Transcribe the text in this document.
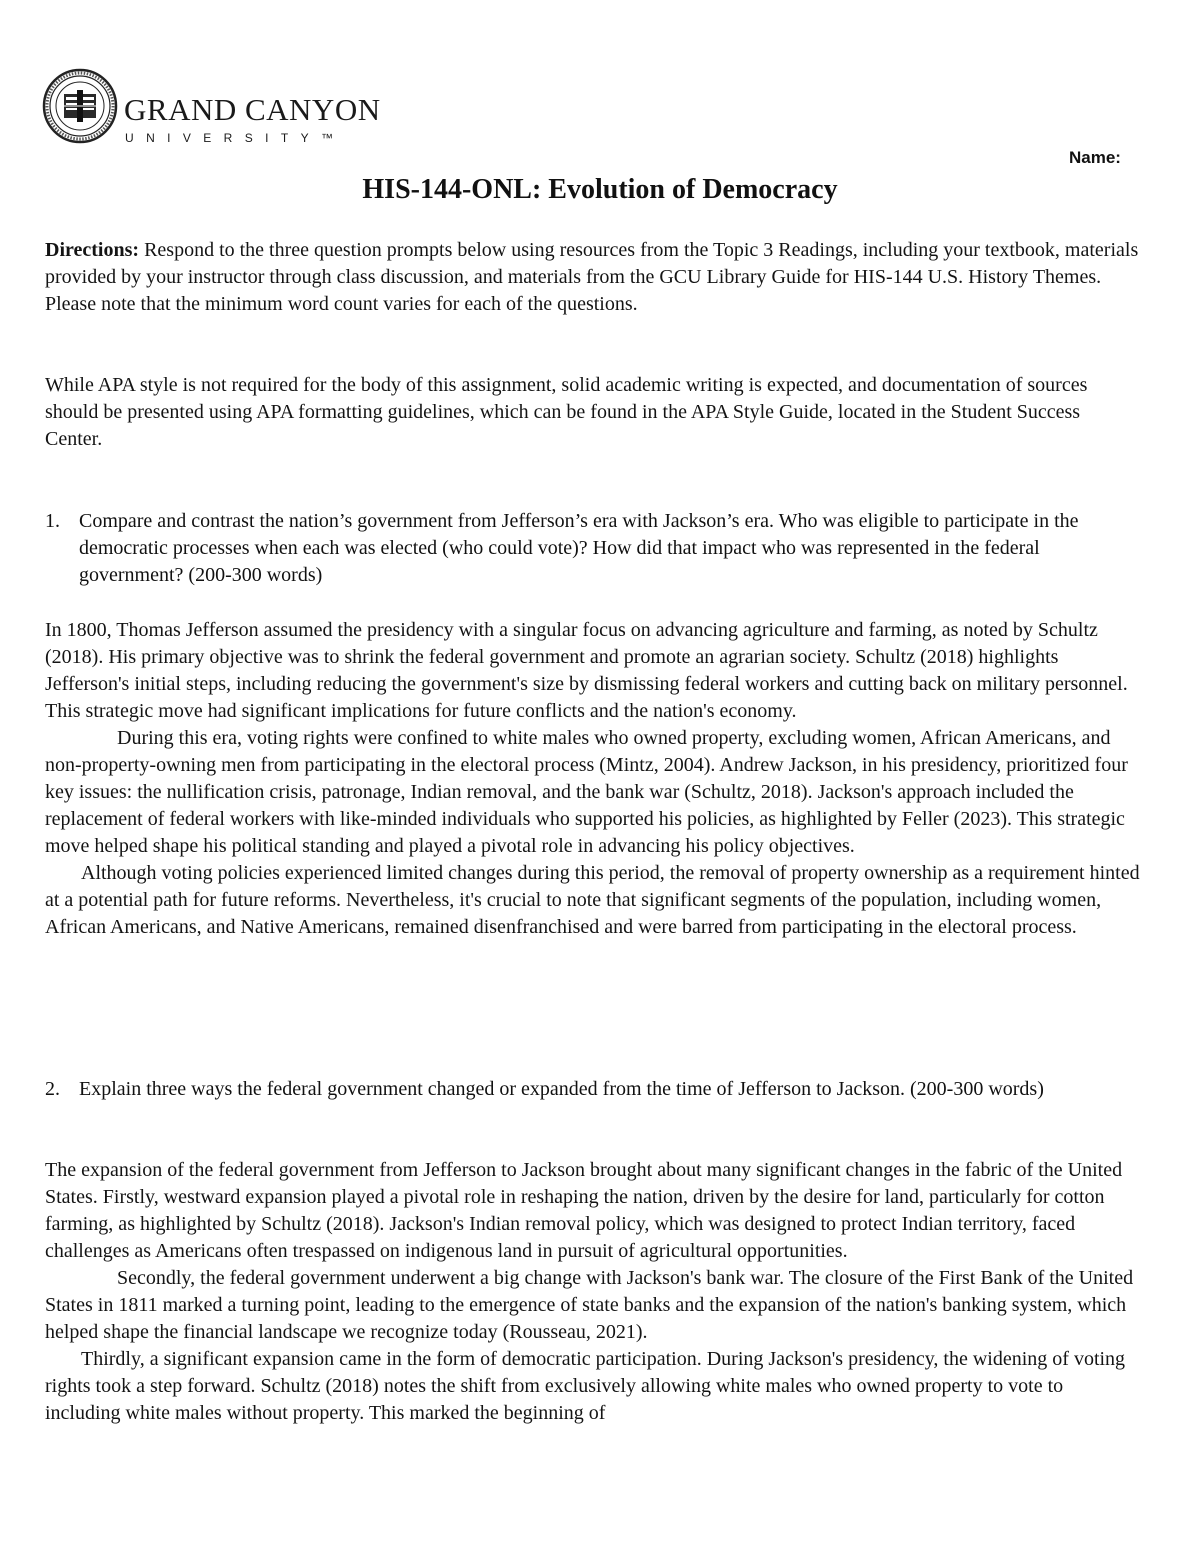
GRAND CANYON
UNIVERSITY™
Name:
HIS-144-ONL: Evolution of Democracy

Directions: Respond to the three question prompts below using resources from the Topic 3 Readings, including your textbook, materials provided by your instructor through class discussion, and materials from the GCU Library Guide for HIS-144 U.S. History Themes. Please note that the minimum word count varies for each of the questions.

While APA style is not required for the body of this assignment, solid academic writing is expected, and documentation of sources should be presented using APA formatting guidelines, which can be found in the APA Style Guide, located in the Student Success Center.

1. Compare and contrast the nation’s government from Jefferson’s era with Jackson’s era. Who was eligible to participate in the democratic processes when each was elected (who could vote)? How did that impact who was represented in the federal government? (200-300 words)

In 1800, Thomas Jefferson assumed the presidency with a singular focus on advancing agriculture and farming, as noted by Schultz (2018). His primary objective was to shrink the federal government and promote an agrarian society. Schultz (2018) highlights Jefferson's initial steps, including reducing the government's size by dismissing federal workers and cutting back on military personnel. This strategic move had significant implications for future conflicts and the nation's economy.

During this era, voting rights were confined to white males who owned property, excluding women, African Americans, and non-property-owning men from participating in the electoral process (Mintz, 2004). Andrew Jackson, in his presidency, prioritized four key issues: the nullification crisis, patronage, Indian removal, and the bank war (Schultz, 2018). Jackson's approach included the replacement of federal workers with like-minded individuals who supported his policies, as highlighted by Feller (2023). This strategic move helped shape his political standing and played a pivotal role in advancing his policy objectives.

Although voting policies experienced limited changes during this period, the removal of property ownership as a requirement hinted at a potential path for future reforms. Nevertheless, it's crucial to note that significant segments of the population, including women, African Americans, and Native Americans, remained disenfranchised and were barred from participating in the electoral process.

2. Explain three ways the federal government changed or expanded from the time of Jefferson to Jackson. (200-300 words)

The expansion of the federal government from Jefferson to Jackson brought about many significant changes in the fabric of the United States. Firstly, westward expansion played a pivotal role in reshaping the nation, driven by the desire for land, particularly for cotton farming, as highlighted by Schultz (2018). Jackson's Indian removal policy, which was designed to protect Indian territory, faced challenges as Americans often trespassed on indigenous land in pursuit of agricultural opportunities.

Secondly, the federal government underwent a big change with Jackson's bank war. The closure of the First Bank of the United States in 1811 marked a turning point, leading to the emergence of state banks and the expansion of the nation's banking system, which helped shape the financial landscape we recognize today (Rousseau, 2021).

Thirdly, a significant expansion came in the form of democratic participation. During Jackson's presidency, the widening of voting rights took a step forward. Schultz (2018) notes the shift from exclusively allowing white males who owned property to vote to including white males without property. This marked the beginning of
